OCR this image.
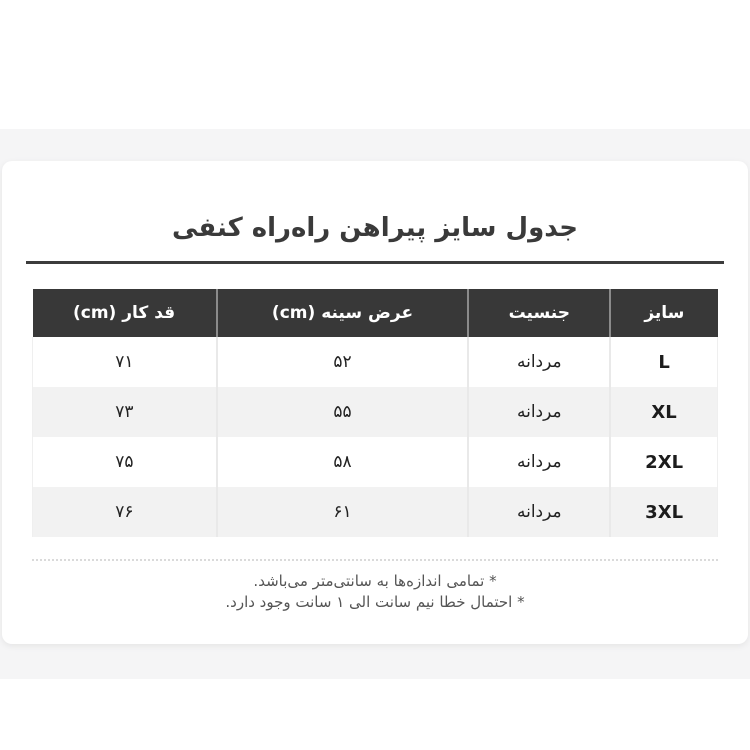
جدول سایز پیراهن راه‌راه کنفی
سایز	جنسیت	عرض سینه (cm)	قد کار (cm)
L	مردانه	۵۲	۷۱
XL	مردانه	۵۵	۷۳
2XL	مردانه	۵۸	۷۵
3XL	مردانه	۶۱	۷۶
* تمامی اندازه‌ها به سانتی‌متر می‌باشد.
* احتمال خطا نیم سانت الی ۱ سانت وجود دارد.
